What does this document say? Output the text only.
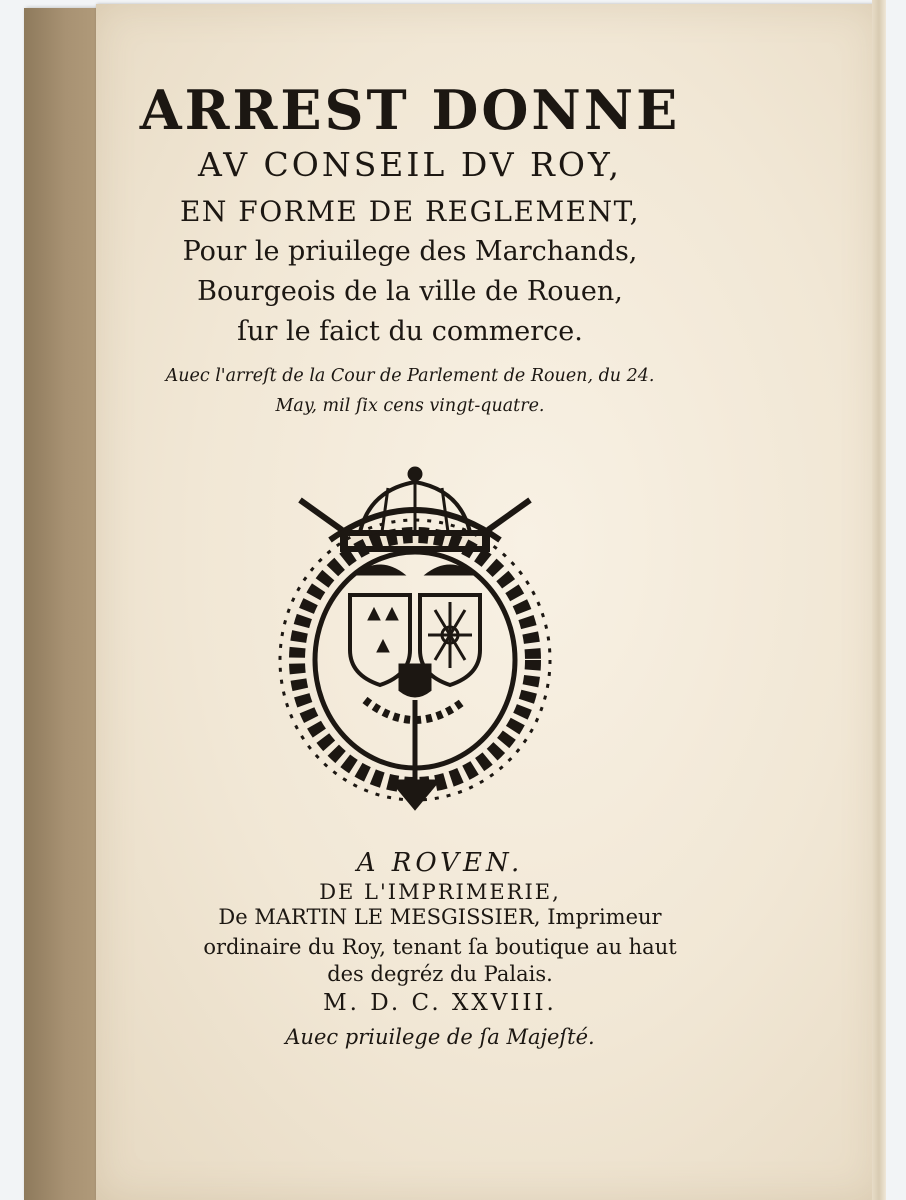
ARREST DONNE
AV CONSEIL DV ROY,
EN FORME DE REGLEMENT,
Pour le priuilege des Marchands,
Bourgeois de la ville de Rouen,
ſur le faict du commerce.
Auec l'arreſt de la Cour de Parlement de Rouen, du 24.
May, mil ſix cens vingt-quatre.
A ROVEN.
DE L'IMPRIMERIE,
De MARTIN LE MESGISSIER, Imprimeur
ordinaire du Roy, tenant ſa boutique au haut
des degréz du Palais.
M. D. C. XXVIII.
Auec priuilege de ſa Majeſté.
